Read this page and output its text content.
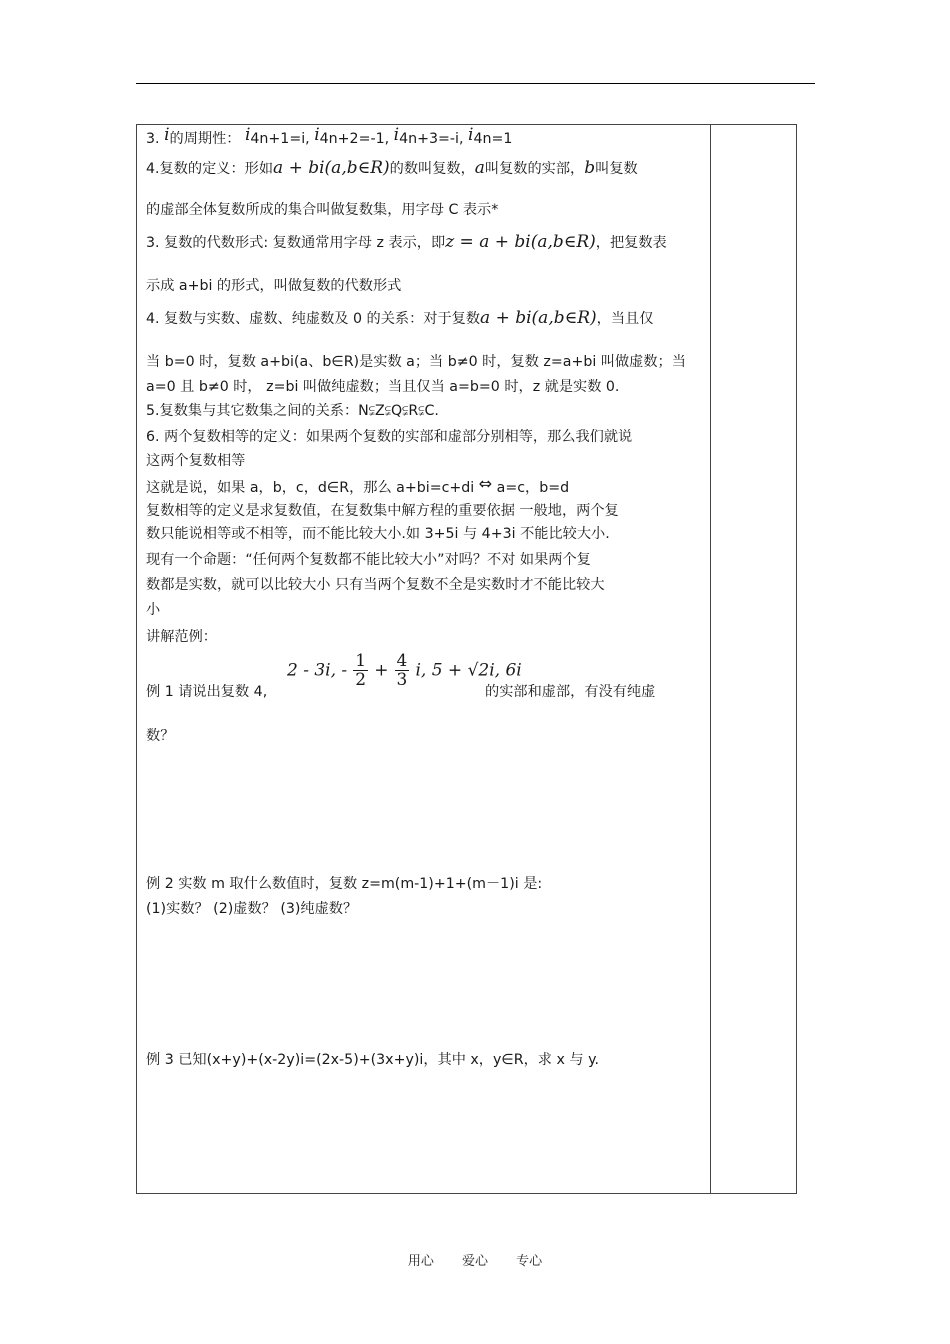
3. i的周期性： i4n+1=i, i4n+2=-1, i4n+3=-i, i4n=1
4.复数的定义：形如a + bi(a,b∈R)的数叫复数，a叫复数的实部，b叫复数
的虚部全体复数所成的集合叫做复数集，用字母 C 表示*
3. 复数的代数形式: 复数通常用字母 z 表示，即z = a + bi(a,b∈R)，把复数表
示成 a+bi 的形式，叫做复数的代数形式
4. 复数与实数、虚数、纯虚数及 0 的关系：对于复数a + bi(a,b∈R)，当且仅
当 b=0 时，复数 a+bi(a、b∈R)是实数 a；当 b≠0 时，复数 z=a+bi 叫做虚数；当
a=0 且 b≠0 时， z=bi 叫做纯虚数；当且仅当 a=b=0 时，z 就是实数 0.
5.复数集与其它数集之间的关系：N⫋Z⫋Q⫋R⫋C.
6. 两个复数相等的定义：如果两个复数的实部和虚部分别相等，那么我们就说
这两个复数相等
这就是说，如果 a，b，c，d∈R，那么 a+bi=c+di ⇔ a=c，b=d
复数相等的定义是求复数值，在复数集中解方程的重要依据 一般地，两个复
数只能说相等或不相等，而不能比较大小.如 3+5i 与 4+3i 不能比较大小.
现有一个命题：“任何两个复数都不能比较大小”对吗？不对 如果两个复
数都是实数，就可以比较大小 只有当两个复数不全是实数时才不能比较大
小
讲解范例：
例 1 请说出复数 4,
2 - 3i, - $\frac{1}{2} + \frac{4}{3} i$, 5 + √2i, 6i
的实部和虚部，有没有纯虚
数？
例 2 实数 m 取什么数值时，复数 z=m(m-1)+1+(m－1)i 是:
(1)实数？ (2)虚数？ (3)纯虚数？
例 3 已知(x+y)+(x-2y)i=(2x-5)+(3x+y)i，其中 x，y∈R，求 x 与 y.
用心 爱心 专心
